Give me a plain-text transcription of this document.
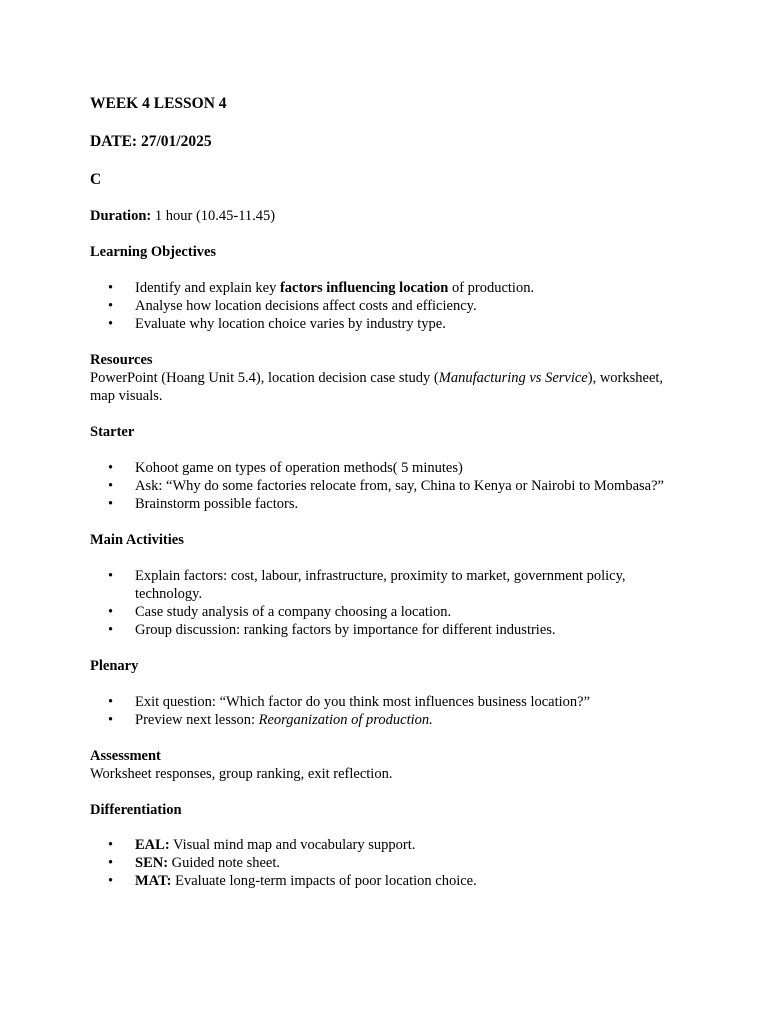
WEEK 4 LESSON 4

DATE: 27/01/2025

C

Duration: 1 hour (10.45-11.45)

Learning Objectives

• Identify and explain key factors influencing location of production.
• Analyse how location decisions affect costs and efficiency.
• Evaluate why location choice varies by industry type.

Resources

PowerPoint (Hoang Unit 5.4), location decision case study (Manufacturing vs Service), worksheet, map visuals.

Starter

• Kohoot game on types of operation methods( 5 minutes)
• Ask: “Why do some factories relocate from, say, China to Kenya or Nairobi to Mombasa?”
• Brainstorm possible factors.

Main Activities

• Explain factors: cost, labour, infrastructure, proximity to market, government policy, technology.
• Case study analysis of a company choosing a location.
• Group discussion: ranking factors by importance for different industries.

Plenary

• Exit question: “Which factor do you think most influences business location?”
• Preview next lesson: Reorganization of production.

Assessment

Worksheet responses, group ranking, exit reflection.

Differentiation

• EAL: Visual mind map and vocabulary support.
• SEN: Guided note sheet.
• MAT: Evaluate long-term impacts of poor location choice.
